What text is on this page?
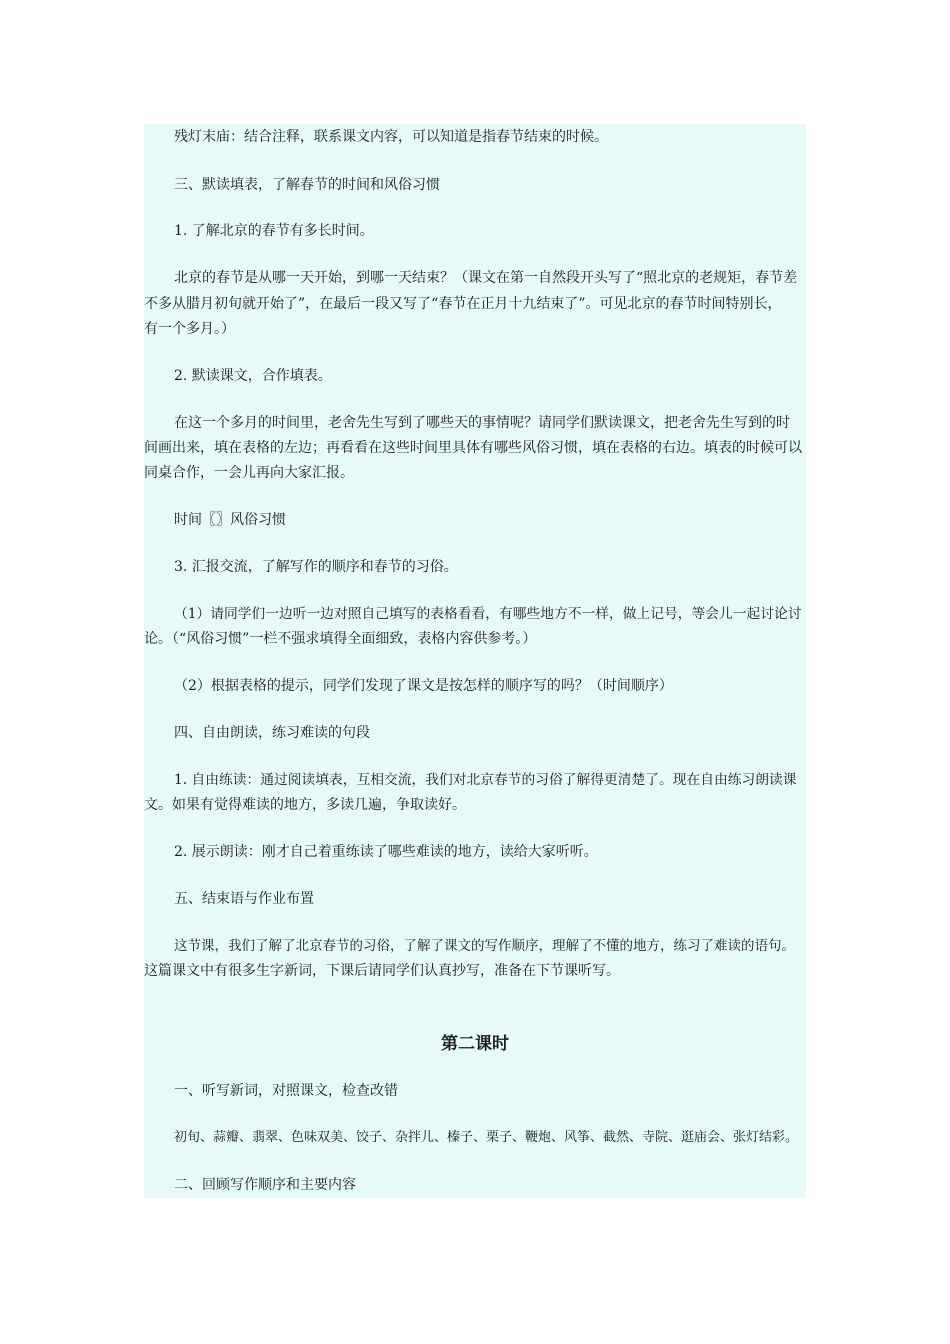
残灯末庙：结合注释，联系课文内容，可以知道是指春节结束的时候。

三、默读填表，了解春节的时间和风俗习惯

1. 了解北京的春节有多长时间。

北京的春节是从哪一天开始，到哪一天结束？（课文在第一自然段开头写了“照北京的老规矩，春节差

不多从腊月初旬就开始了”，在最后一段又写了“春节在正月十九结束了”。可见北京的春节时间特别长，

有一个多月。）

2. 默读课文，合作填表。

在这一个多月的时间里，老舍先生写到了哪些天的事情呢？请同学们默读课文，把老舍先生写到的时

间画出来，填在表格的左边；再看看在这些时间里具体有哪些风俗习惯，填在表格的右边。填表的时候可以

同桌合作，一会儿再向大家汇报。

时间〖〗风俗习惯

3. 汇报交流，了解写作的顺序和春节的习俗。

（1）请同学们一边听一边对照自己填写的表格看看，有哪些地方不一样，做上记号，等会儿一起讨论讨

论。（“风俗习惯”一栏不强求填得全面细致，表格内容供参考。）

（2）根据表格的提示，同学们发现了课文是按怎样的顺序写的吗？（时间顺序）

四、自由朗读，练习难读的句段

1. 自由练读：通过阅读填表，互相交流，我们对北京春节的习俗了解得更清楚了。现在自由练习朗读课

文。如果有觉得难读的地方，多读几遍，争取读好。

2. 展示朗读：刚才自己着重练读了哪些难读的地方，读给大家听听。

五、结束语与作业布置

这节课，我们了解了北京春节的习俗，了解了课文的写作顺序，理解了不懂的地方，练习了难读的语句。

这篇课文中有很多生字新词，下课后请同学们认真抄写，准备在下节课听写。

第二课时

一、听写新词，对照课文，检查改错

初旬、蒜瓣、翡翠、色味双美、饺子、杂拌儿、榛子、栗子、鞭炮、风筝、截然、寺院、逛庙会、张灯结彩。

二、回顾写作顺序和主要内容
